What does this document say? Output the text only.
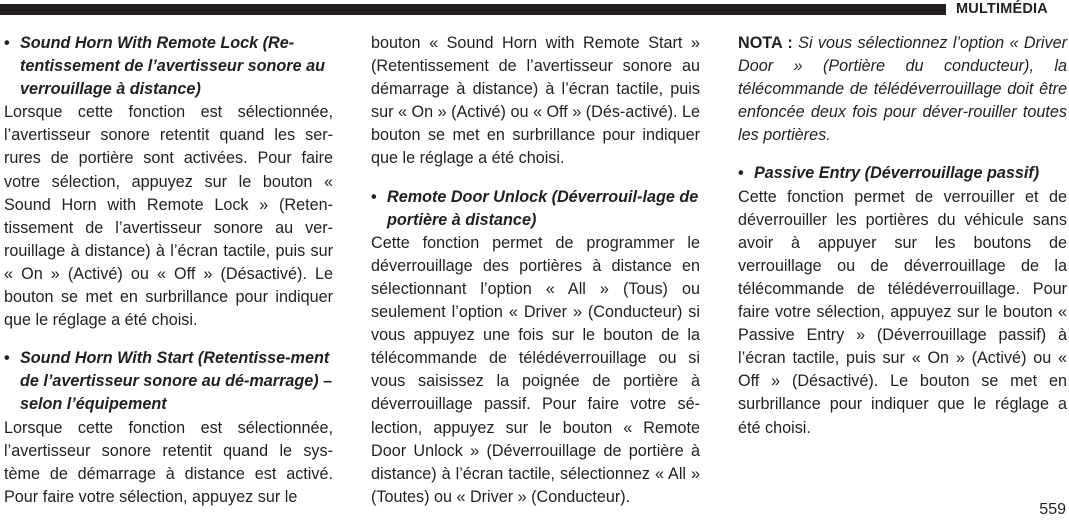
MULTIMÉDIA
• Sound Horn With Remote Lock (Re-tentissement de l’avertisseur sonore au verrouillage à distance)

Lorsque cette fonction est sélectionnée, l’avertisseur sonore retentit quand les ser-rures de portière sont activées. Pour faire votre sélection, appuyez sur le bouton « Sound Horn with Remote Lock » (Reten-tissement de l’avertisseur sonore au ver-rouillage à distance) à l’écran tactile, puis sur « On » (Activé) ou « Off » (Désactivé). Le bouton se met en surbrillance pour indiquer que le réglage a été choisi.

• Sound Horn With Start (Retentisse-ment de l’avertisseur sonore au dé-marrage) – selon l’équipement

Lorsque cette fonction est sélectionnée, l’avertisseur sonore retentit quand le sys-tème de démarrage à distance est activé. Pour faire votre sélection, appuyez sur le

bouton « Sound Horn with Remote Start » (Retentissement de l’avertisseur sonore au démarrage à distance) à l’écran tactile, puis sur « On » (Activé) ou « Off » (Dés-activé). Le bouton se met en surbrillance pour indiquer que le réglage a été choisi.

• Remote Door Unlock (Déverrouil-lage de portière à distance)

Cette fonction permet de programmer le déverrouillage des portières à distance en sélectionnant l’option « All » (Tous) ou seulement l’option « Driver » (Conducteur) si vous appuyez une fois sur le bouton de la télécommande de télédéverrouillage ou si vous saisissez la poignée de portière à déverrouillage passif. Pour faire votre sé-lection, appuyez sur le bouton « Remote Door Unlock » (Déverrouillage de portière à distance) à l’écran tactile, sélectionnez « All » (Toutes) ou « Driver » (Conducteur).

NOTA : Si vous sélectionnez l’option « Driver Door » (Portière du conducteur), la télécommande de télédéverrouillage doit être enfoncée deux fois pour déver-rouiller toutes les portières.

• Passive Entry (Déverrouillage passif)

Cette fonction permet de verrouiller et de déverrouiller les portières du véhicule sans avoir à appuyer sur les boutons de verrouillage ou de déverrouillage de la télécommande de télédéverrouillage. Pour faire votre sélection, appuyez sur le bouton « Passive Entry » (Déverrouillage passif) à l’écran tactile, puis sur « On » (Activé) ou « Off » (Désactivé). Le bouton se met en surbrillance pour indiquer que le réglage a été choisi.

559
